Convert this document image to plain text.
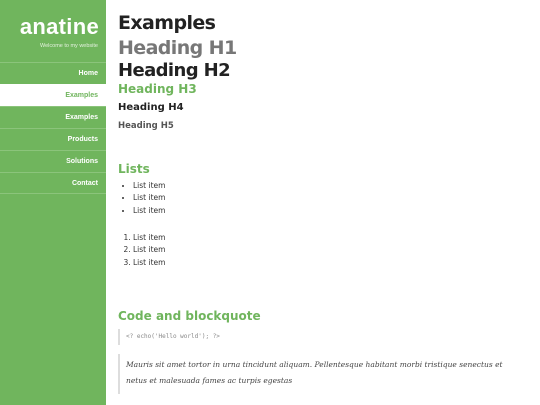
anatine
Welcome to my website
Home
Examples
Examples
Products
Solutions
Contact
Examples
Heading H1
Heading H2
Heading H3
Heading H4
Heading H5
Lists
• List item
• List item
• List item
1. List item
2. List item
3. List item
Code and blockquote
<? echo('Hello world'); ?>
Mauris sit amet tortor in urna tincidunt aliquam. Pellentesque habitant morbi tristique senectus et netus et malesuada fames ac turpis egestas
